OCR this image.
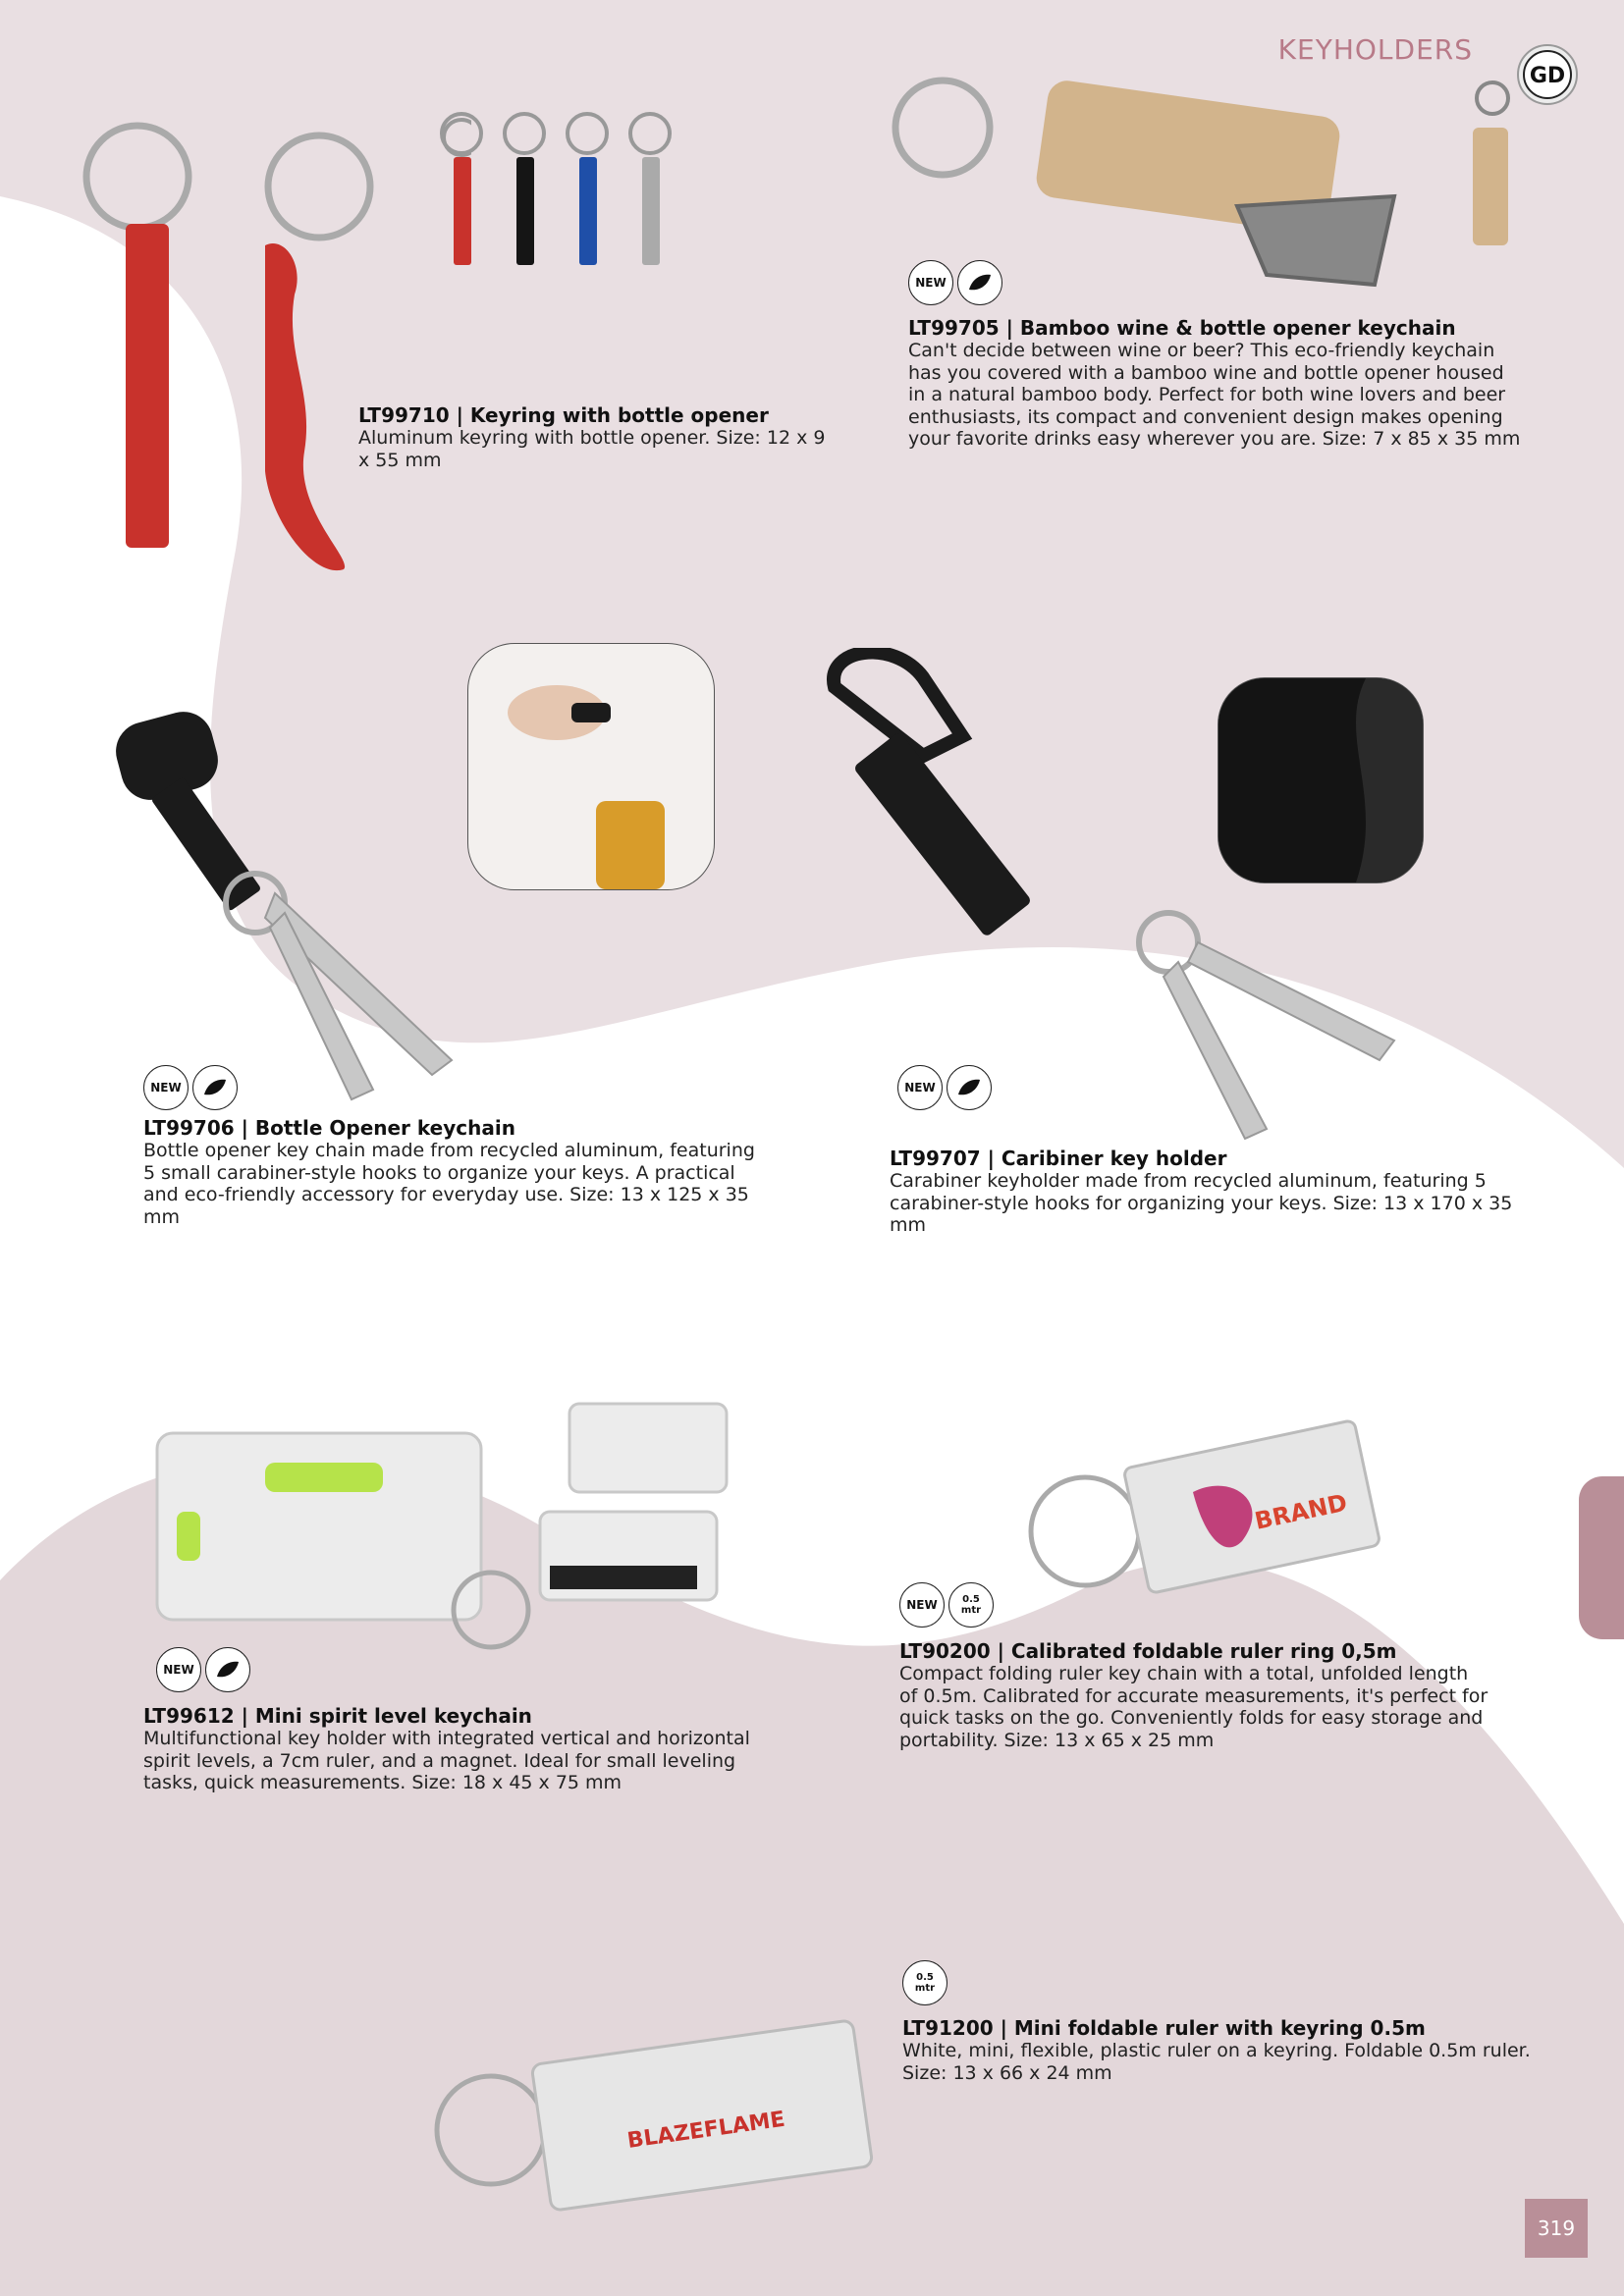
KEYHOLDERS
GD
LT99710 | Keyring with bottle opener
Aluminum keyring with bottle opener. Size: 12 x 9
x 55 mm
NEW
LT99705 | Bamboo wine & bottle opener keychain
Can't decide between wine or beer? This eco-friendly keychain
has you covered with a bamboo wine and bottle opener housed
in a natural bamboo body. Perfect for both wine lovers and beer
enthusiasts, its compact and convenient design makes opening
your favorite drinks easy wherever you are. Size: 7 x 85 x 35 mm
NEW
LT99706 | Bottle Opener keychain
Bottle opener key chain made from recycled aluminum, featuring
5 small carabiner-style hooks to organize your keys. A practical
and eco-friendly accessory for everyday use. Size: 13 x 125 x 35
mm
NEW
LT99707 | Caribiner key holder
Carabiner keyholder made from recycled aluminum, featuring 5
carabiner-style hooks for organizing your keys. Size: 13 x 170 x 35
mm
NEW
LT99612 | Mini spirit level keychain
Multifunctional key holder with integrated vertical and horizontal
spirit levels, a 7cm ruler, and a magnet. Ideal for small leveling
tasks, quick measurements. Size: 18 x 45 x 75 mm
BRAND
NEW	0.5
mtr
LT90200 | Calibrated foldable ruler ring 0,5m
Compact folding ruler key chain with a total, unfolded length
of 0.5m. Calibrated for accurate measurements, it's perfect for
quick tasks on the go. Conveniently folds for easy storage and
portability. Size: 13 x 65 x 25 mm
0.5
mtr
LT91200 | Mini foldable ruler with keyring 0.5m
White, mini, flexible, plastic ruler on a keyring. Foldable 0.5m ruler.
Size: 13 x 66 x 24 mm
BLAZEFLAME
319
